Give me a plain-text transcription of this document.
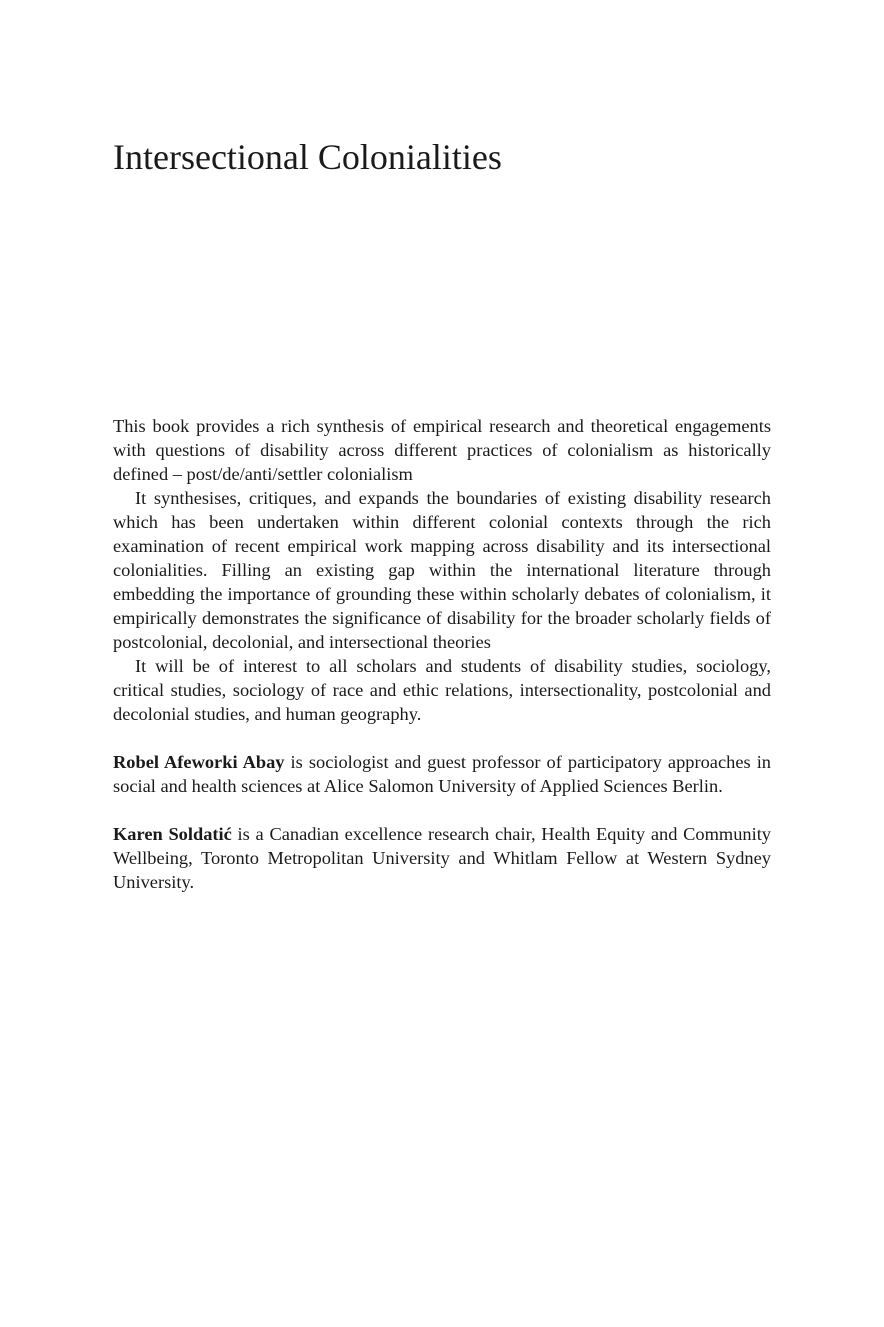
Intersectional Colonialities

This book provides a rich synthesis of empirical research and theoretical engagements with questions of disability across different practices of colonialism as historically defined – post/de/anti/settler colonialism

It synthesises, critiques, and expands the boundaries of existing disability research which has been undertaken within different colonial contexts through the rich examination of recent empirical work mapping across disability and its intersectional colonialities. Filling an existing gap within the international literature through embedding the importance of grounding these within scholarly debates of colonialism, it empirically demonstrates the significance of disability for the broader scholarly fields of postcolonial, decolonial, and intersectional theories

It will be of interest to all scholars and students of disability studies, sociology, critical studies, sociology of race and ethic relations, intersectionality, postcolonial and decolonial studies, and human geography.

Robel Afeworki Abay is sociologist and guest professor of participatory approaches in social and health sciences at Alice Salomon University of Applied Sciences Berlin.

Karen Soldatić is a Canadian excellence research chair, Health Equity and Community Wellbeing, Toronto Metropolitan University and Whitlam Fellow at Western Sydney University.
